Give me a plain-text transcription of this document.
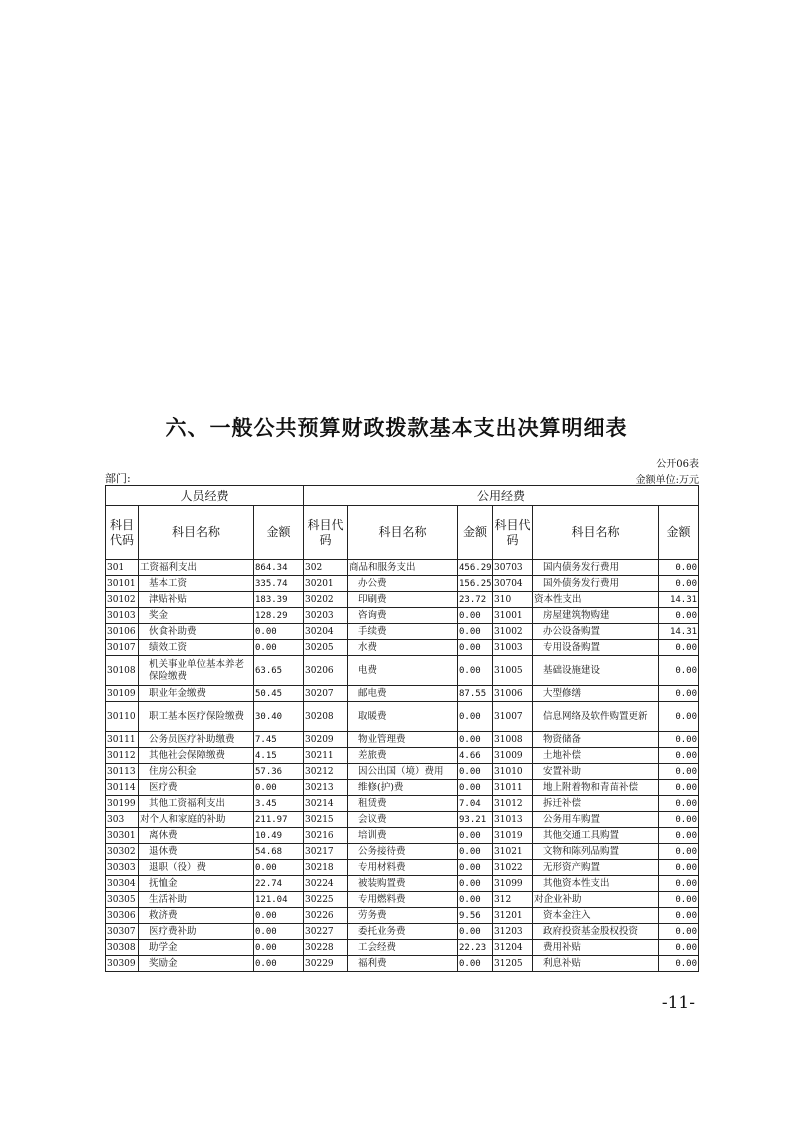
六、一般公共预算财政拨款基本支出决算明细表
公开06表
部门:	金额单位:万元
人员经费			公用经费					
科目代码	科目名称	金额	科目代码	科目名称	金额	科目代码	科目名称	金额
301	工资福利支出	864.34	302	商品和服务支出	456.29	30703	国内债务发行费用	0.00
30101	基本工资	335.74	30201	办公费	156.25	30704	国外债务发行费用	0.00
30102	津贴补贴	183.39	30202	印刷费	23.72	310	资本性支出	14.31
30103	奖金	128.29	30203	咨询费	0.00	31001	房屋建筑物购建	0.00
30106	伙食补助费	0.00	30204	手续费	0.00	31002	办公设备购置	14.31
30107	绩效工资	0.00	30205	水费	0.00	31003	专用设备购置	0.00
30108	机关事业单位基本养老保险缴费	63.65	30206	电费	0.00	31005	基础设施建设	0.00
30109	职业年金缴费	50.45	30207	邮电费	87.55	31006	大型修缮	0.00
30110	职工基本医疗保险缴费	30.40	30208	取暖费	0.00	31007	信息网络及软件购置更新	0.00
30111	公务员医疗补助缴费	7.45	30209	物业管理费	0.00	31008	物资储备	0.00
30112	其他社会保障缴费	4.15	30211	差旅费	4.66	31009	土地补偿	0.00
30113	住房公积金	57.36	30212	因公出国（境）费用	0.00	31010	安置补助	0.00
30114	医疗费	0.00	30213	维修(护)费	0.00	31011	地上附着物和青苗补偿	0.00
30199	其他工资福利支出	3.45	30214	租赁费	7.04	31012	拆迁补偿	0.00
303	对个人和家庭的补助	211.97	30215	会议费	93.21	31013	公务用车购置	0.00
30301	离休费	10.49	30216	培训费	0.00	31019	其他交通工具购置	0.00
30302	退休费	54.68	30217	公务接待费	0.00	31021	文物和陈列品购置	0.00
30303	退职（役）费	0.00	30218	专用材料费	0.00	31022	无形资产购置	0.00
30304	抚恤金	22.74	30224	被装购置费	0.00	31099	其他资本性支出	0.00
30305	生活补助	121.04	30225	专用燃料费	0.00	312	对企业补助	0.00
30306	救济费	0.00	30226	劳务费	9.56	31201	资本金注入	0.00
30307	医疗费补助	0.00	30227	委托业务费	0.00	31203	政府投资基金股权投资	0.00
30308	助学金	0.00	30228	工会经费	22.23	31204	费用补贴	0.00
30309	奖励金	0.00	30229	福利费	0.00	31205	利息补贴	0.00
-11-
